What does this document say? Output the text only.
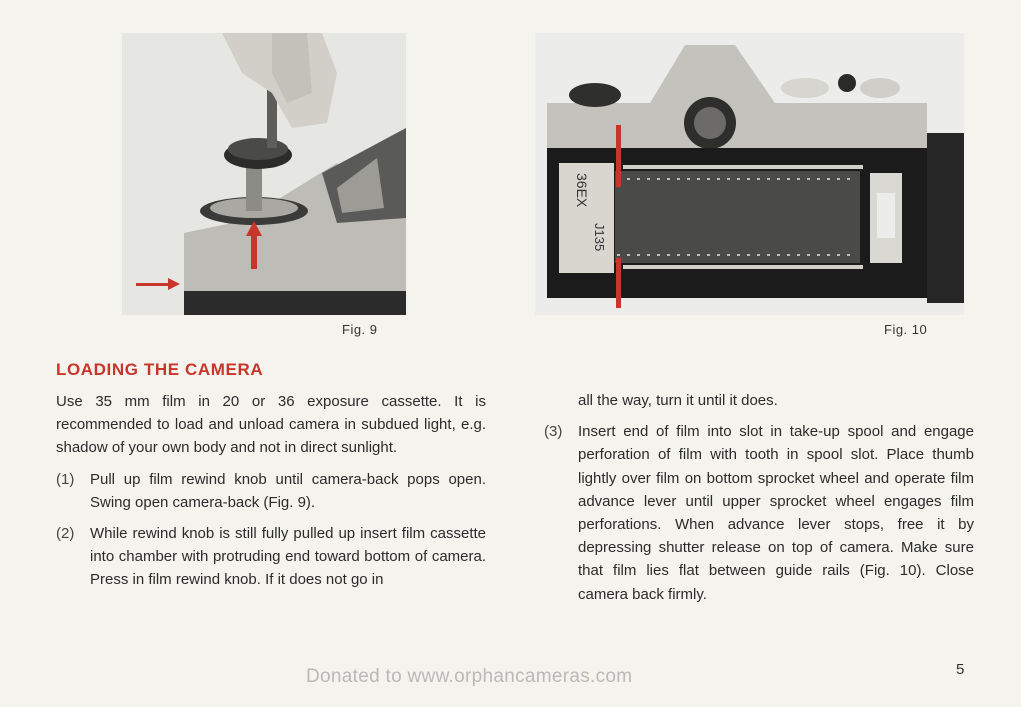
Fig. 9
36EX
J135
Fig. 10
LOADING THE CAMERA
Use 35 mm film in 20 or 36 exposure cassette. It is recommended to load and unload camera in subdued light, e.g. shadow of your own body and not in direct sunlight.
(1)	Pull up film rewind knob until camera-back pops open. Swing open camera-back (Fig. 9).
(2)	While rewind knob is still fully pulled up insert film cassette into chamber with protruding end toward bottom of camera. Press in film rewind knob. If it does not go in
all the way, turn it until it does.
(3)	Insert end of film into slot in take-up spool and engage perforation of film with tooth in spool slot. Place thumb lightly over film on bottom sprocket wheel and operate film advance lever until upper sprocket wheel engages film perforations. When advance lever stops, free it by depressing shutter release on top of camera. Make sure that film lies flat between guide rails (Fig. 10). Close camera back firmly.
Donated to www.orphancameras.com	5
